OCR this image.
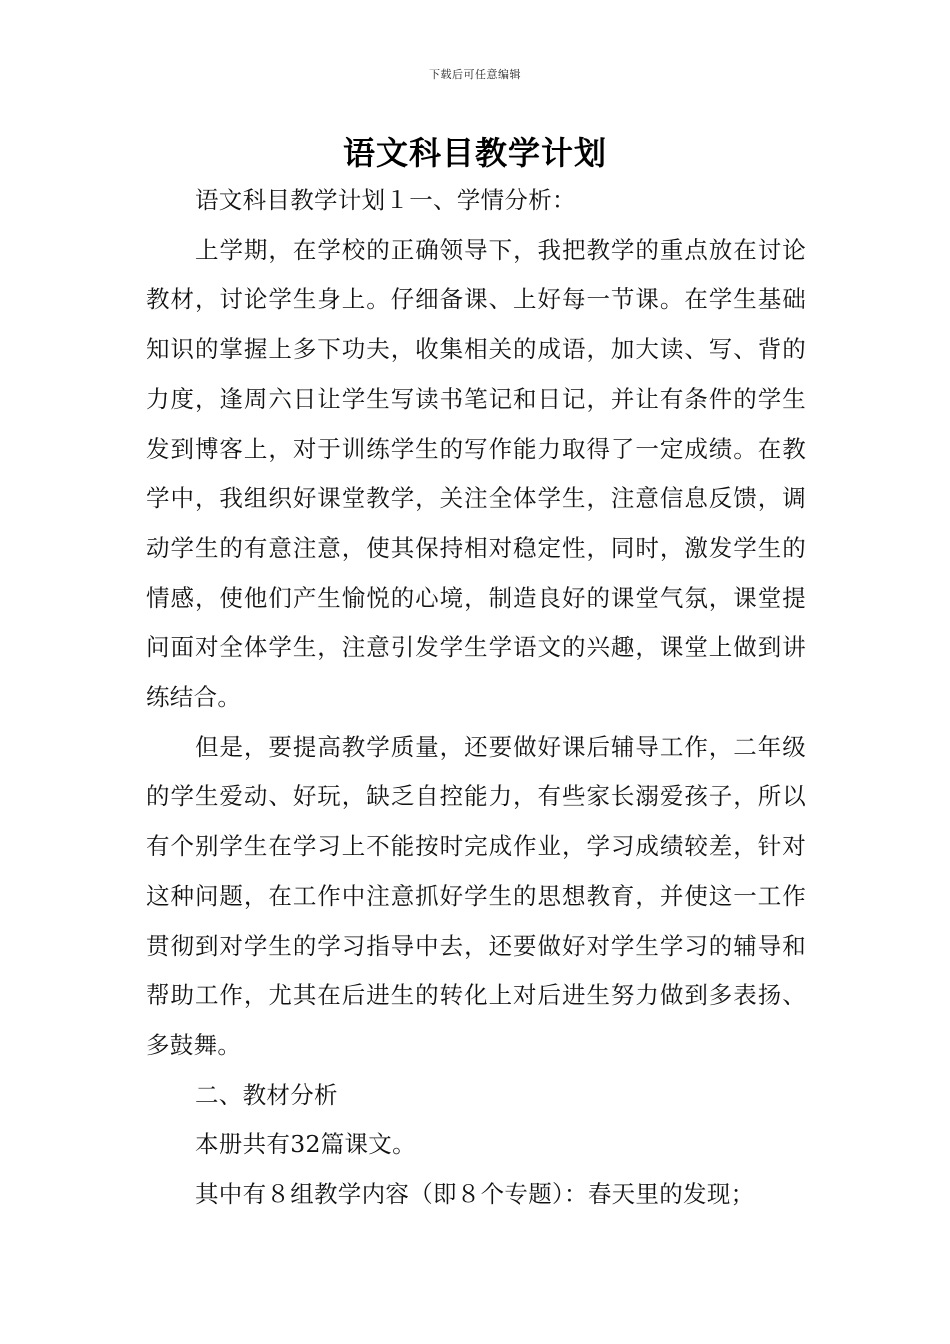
下载后可任意编辑
语文科目教学计划

语文科目教学计划１一、学情分析：

上学期，在学校的正确领导下，我把教学的重点放在讨论教材，讨论学生身上。仔细备课、上好每一节课。在学生基础知识的掌握上多下功夫，收集相关的成语，加大读、写、背的力度，逢周六日让学生写读书笔记和日记，并让有条件的学生发到博客上，对于训练学生的写作能力取得了一定成绩。在教学中，我组织好课堂教学，关注全体学生，注意信息反馈，调动学生的有意注意，使其保持相对稳定性，同时，激发学生的情感，使他们产生愉悦的心境，制造良好的课堂气氛，课堂提问面对全体学生，注意引发学生学语文的兴趣，课堂上做到讲练结合。

但是，要提高教学质量，还要做好课后辅导工作，二年级的学生爱动、好玩，缺乏自控能力，有些家长溺爱孩子，所以有个别学生在学习上不能按时完成作业，学习成绩较差，针对这种问题，在工作中注意抓好学生的思想教育，并使这一工作贯彻到对学生的学习指导中去，还要做好对学生学习的辅导和帮助工作，尤其在后进生的转化上对后进生努力做到多表扬、多鼓舞。

二、教材分析

本册共有32篇课文。

其中有８组教学内容（即８个专题）：春天里的发现；
